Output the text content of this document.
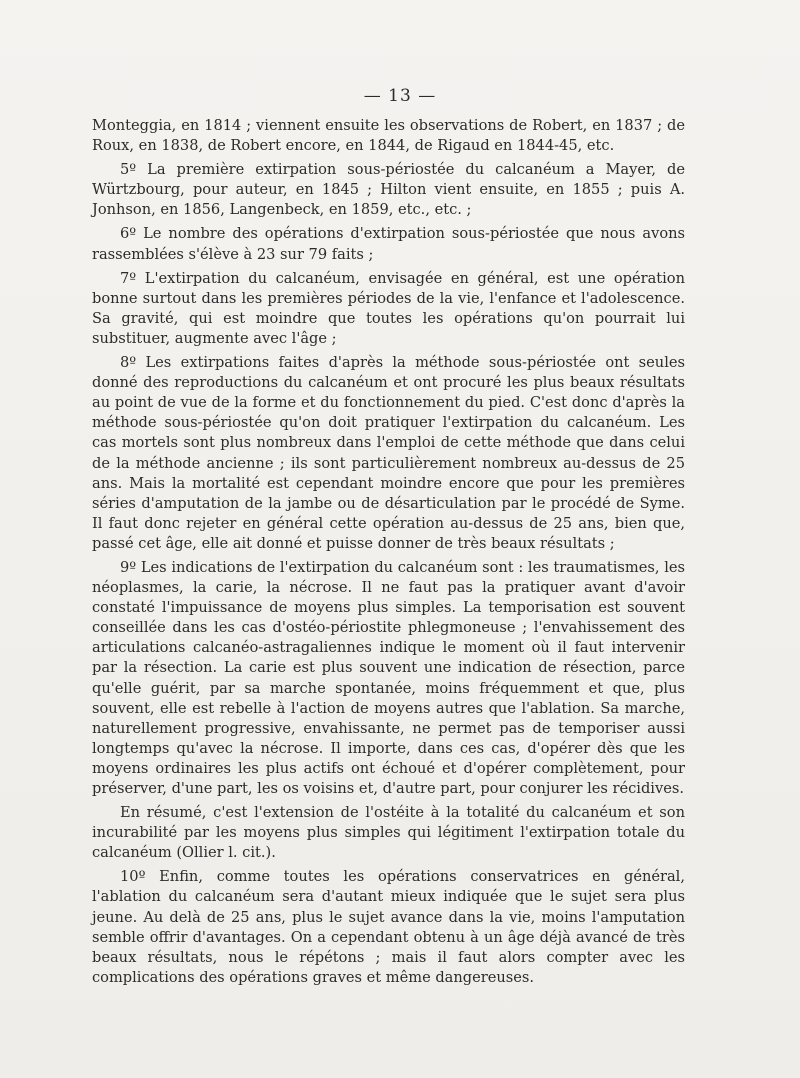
— 13 —

Monteggia, en 1814 ; viennent ensuite les observations de Robert, en 1837 ; de Roux, en 1838, de Robert encore, en 1844, de Rigaud en 1844-45, etc.

5º La première extirpation sous-périostée du calcanéum a Mayer, de Würtzbourg, pour auteur, en 1845 ; Hilton vient ensuite, en 1855 ; puis A. Jonhson, en 1856, Langenbeck, en 1859, etc., etc. ;

6º Le nombre des opérations d'extirpation sous-périostée que nous avons rassemblées s'élève à 23 sur 79 faits ;

7º L'extirpation du calcanéum, envisagée en général, est une opération bonne surtout dans les premières périodes de la vie, l'enfance et l'adolescence. Sa gravité, qui est moindre que toutes les opérations qu'on pourrait lui substituer, augmente avec l'âge ;

8º Les extirpations faites d'après la méthode sous-périostée ont seules donné des reproductions du calcanéum et ont procuré les plus beaux résultats au point de vue de la forme et du fonctionnement du pied. C'est donc d'après la méthode sous-périostée qu'on doit pratiquer l'extirpation du calcanéum. Les cas mortels sont plus nombreux dans l'emploi de cette méthode que dans celui de la méthode ancienne ; ils sont particulièrement nombreux au-dessus de 25 ans. Mais la mortalité est cependant moindre encore que pour les premières séries d'amputation de la jambe ou de désarticulation par le procédé de Syme. Il faut donc rejeter en général cette opération au-dessus de 25 ans, bien que, passé cet âge, elle ait donné et puisse donner de très beaux résultats ;

9º Les indications de l'extirpation du calcanéum sont : les traumatismes, les néoplasmes, la carie, la nécrose. Il ne faut pas la pratiquer avant d'avoir constaté l'impuissance de moyens plus simples. La temporisation est souvent conseillée dans les cas d'ostéo-périostite phlegmoneuse ; l'envahissement des articulations calcanéo-astragaliennes indique le moment où il faut intervenir par la résection. La carie est plus souvent une indication de résection, parce qu'elle guérit, par sa marche spontanée, moins fréquemment et que, plus souvent, elle est rebelle à l'action de moyens autres que l'ablation. Sa marche, naturellement progressive, envahissante, ne permet pas de temporiser aussi longtemps qu'avec la nécrose. Il importe, dans ces cas, d'opérer dès que les moyens ordinaires les plus actifs ont échoué et d'opérer complètement, pour préserver, d'une part, les os voisins et, d'autre part, pour conjurer les récidives.

En résumé, c'est l'extension de l'ostéite à la totalité du calcanéum et son incurabilité par les moyens plus simples qui légitiment l'extirpation totale du calcanéum (Ollier l. cit.).

10º Enfin, comme toutes les opérations conservatrices en général, l'ablation du calcanéum sera d'autant mieux indiquée que le sujet sera plus jeune. Au delà de 25 ans, plus le sujet avance dans la vie, moins l'amputation semble offrir d'avantages. On a cependant obtenu à un âge déjà avancé de très beaux résultats, nous le répétons ; mais il faut alors compter avec les complications des opérations graves et même dangereuses.
